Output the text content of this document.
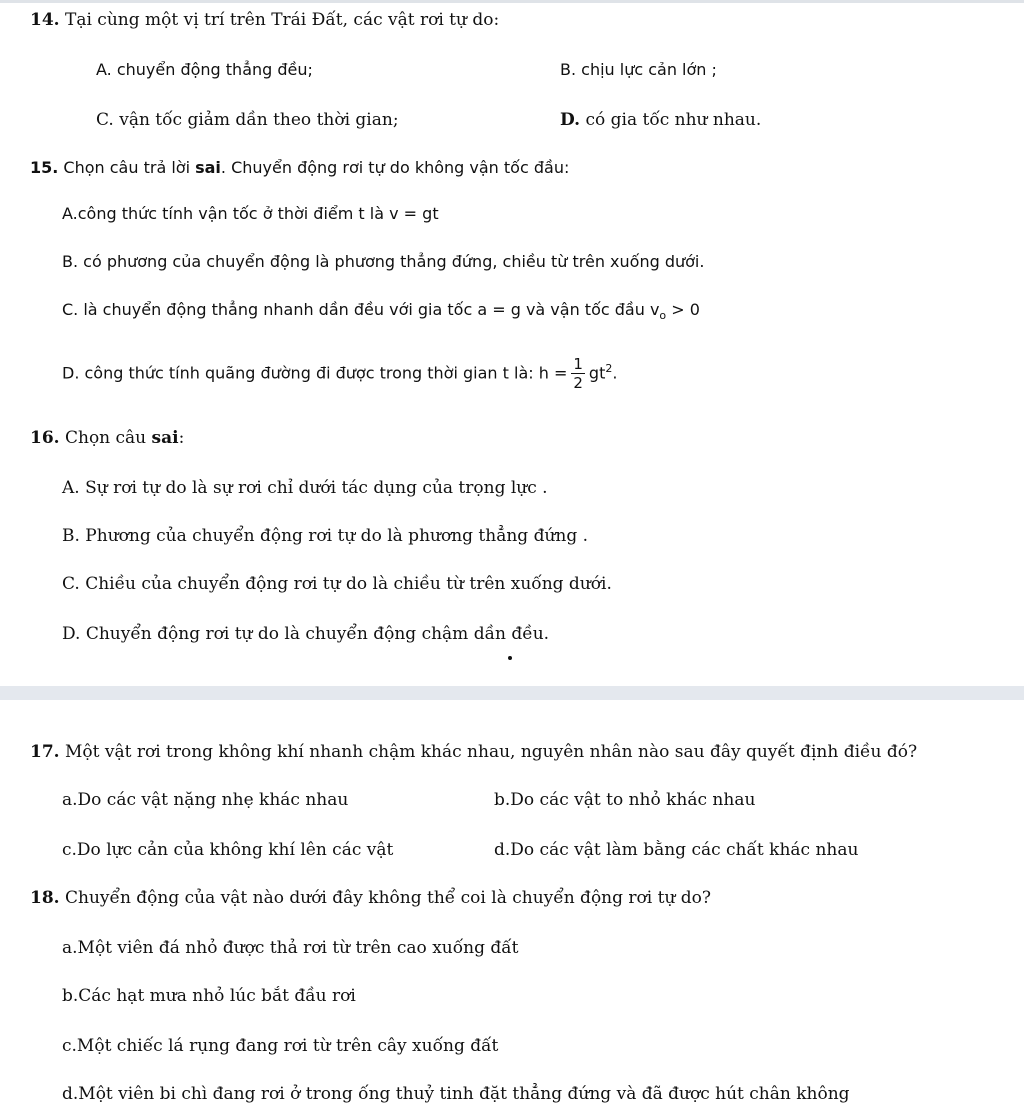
14. Tại cùng một vị trí trên Trái Đất, các vật rơi tự do:

A. chuyển động thẳng đều;	B. chịu lực cản lớn ;

C. vận tốc giảm dần theo thời gian;	D. có gia tốc như nhau.

15. Chọn câu trả lời sai. Chuyển động rơi tự do không vận tốc đầu:

A.công thức tính vận tốc ở thời điểm t là v = gt

B. có phương của chuyển động là phương thẳng đứng, chiều từ trên xuống dưới.

C. là chuyển động thẳng nhanh dần đều với gia tốc a = g và vận tốc đầu $v_o > 0$

D. công thức tính quãng đường đi được trong thời gian t là: $h = \frac{1}{2} gt^2$.

16. Chọn câu sai:

A. Sự rơi tự do là sự rơi chỉ dưới tác dụng của trọng lực .

B. Phương của chuyển động rơi tự do là phương thẳng đứng .

C. Chiều của chuyển động rơi tự do là chiều từ trên xuống dưới.

D. Chuyển động rơi tự do là chuyển động chậm dần đều.

17. Một vật rơi trong không khí nhanh chậm khác nhau, nguyên nhân nào sau đây quyết định điều đó?

a.Do các vật nặng nhẹ khác nhau	b.Do các vật to nhỏ khác nhau

c.Do lực cản của không khí lên các vật	d.Do các vật làm bằng các chất khác nhau

18. Chuyển động của vật nào dưới đây không thể coi là chuyển động rơi tự do?

a.Một viên đá nhỏ được thả rơi từ trên cao xuống đất

b.Các hạt mưa nhỏ lúc bắt đầu rơi

c.Một chiếc lá rụng đang rơi từ trên cây xuống đất

d.Một viên bi chì đang rơi ở trong ống thuỷ tinh đặt thẳng đứng và đã được hút chân không
